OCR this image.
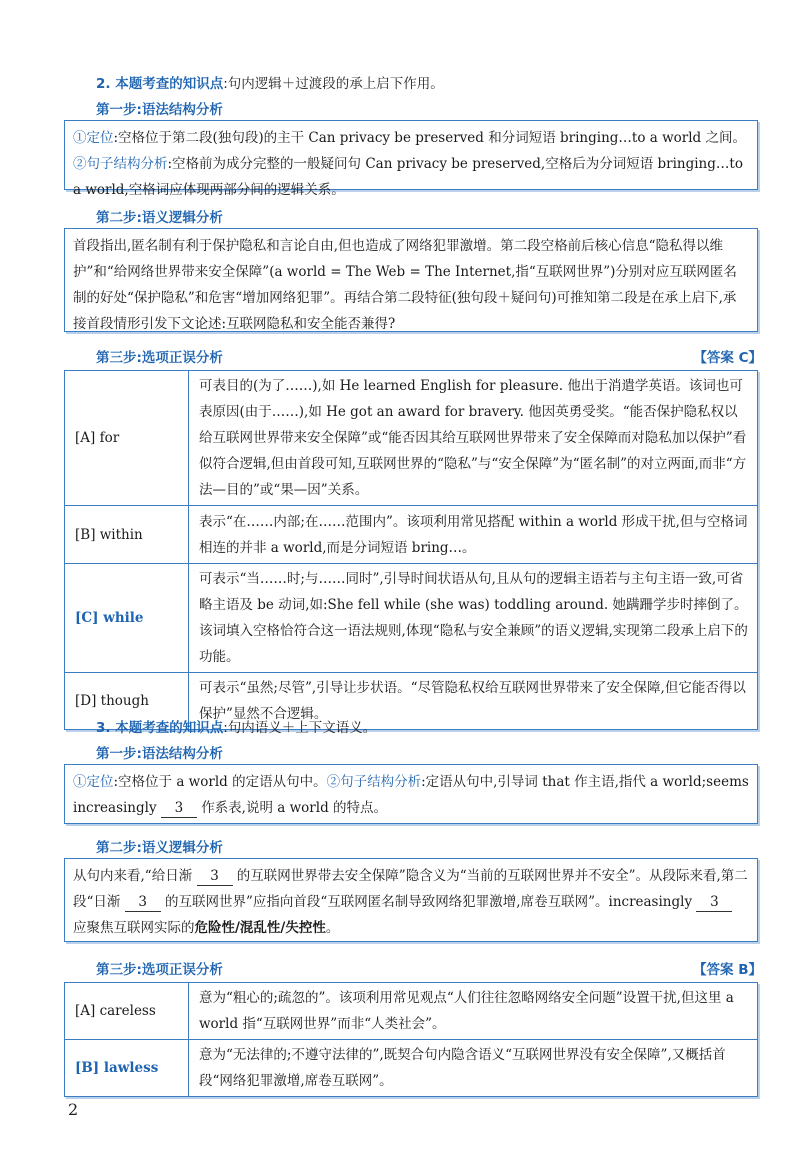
2. 本题考查的知识点:句内逻辑＋过渡段的承上启下作用。
第一步:语法结构分析
①定位:空格位于第二段(独句段)的主干 Can privacy be preserved 和分词短语 bringing…to a world 之间。②句子结构分析:空格前为成分完整的一般疑问句 Can privacy be preserved,空格后为分词短语 bringing…to a world,空格词应体现两部分间的逻辑关系。
第二步:语义逻辑分析
首段指出,匿名制有利于保护隐私和言论自由,但也造成了网络犯罪激增。第二段空格前后核心信息“隐私得以维护”和“给网络世界带来安全保障”(a world = The Web = The Internet,指“互联网世界”)分别对应互联网匿名制的好处“保护隐私”和危害“增加网络犯罪”。再结合第二段特征(独句段＋疑问句)可推知第二段是在承上启下,承接首段情形引发下文论述:互联网隐私和安全能否兼得?
第三步:选项正误分析	【答案 C】
[A] for	可表目的(为了……),如 He learned English for pleasure. 他出于消遣学英语。该词也可表原因(由于……),如 He got an award for bravery. 他因英勇受奖。“能否保护隐私权以给互联网世界带来安全保障”或“能否因其给互联网世界带来了安全保障而对隐私加以保护”看似符合逻辑,但由首段可知,互联网世界的“隐私”与“安全保障”为“匿名制”的对立两面,而非“方法—目的”或“果—因”关系。
[B] within	表示“在……内部;在……范围内”。该项利用常见搭配 within a world 形成干扰,但与空格词相连的并非 a world,而是分词短语 bring…。
[C] while	可表示“当……时;与……同时”,引导时间状语从句,且从句的逻辑主语若与主句主语一致,可省略主语及 be 动词,如:She fell while (she was) toddling around. 她蹒跚学步时摔倒了。该词填入空格恰符合这一语法规则,体现“隐私与安全兼顾”的语义逻辑,实现第二段承上启下的功能。
[D] though	可表示“虽然;尽管”,引导让步状语。“尽管隐私权给互联网世界带来了安全保障,但它能否得以保护”显然不合逻辑。
3. 本题考查的知识点:句内语义＋上下文语义。
第一步:语法结构分析
①定位:空格位于 a world 的定语从句中。②句子结构分析:定语从句中,引导词 that 作主语,指代 a world;seems increasingly 3 作系表,说明 a world 的特点。
第二步:语义逻辑分析
从句内来看,“给日渐 3 的互联网世界带去安全保障”隐含义为“当前的互联网世界并不安全”。从段际来看,第二段“日渐 3 的互联网世界”应指向首段“互联网匿名制导致网络犯罪激增,席卷互联网”。increasingly 3 应聚焦互联网实际的危险性/混乱性/失控性。
第三步:选项正误分析	【答案 B】
[A] careless	意为“粗心的;疏忽的”。该项利用常见观点“人们往往忽略网络安全问题”设置干扰,但这里 a world 指“互联网世界”而非“人类社会”。
[B] lawless	意为“无法律的;不遵守法律的”,既契合句内隐含语义“互联网世界没有安全保障”,又概括首段“网络犯罪激增,席卷互联网”。
2
